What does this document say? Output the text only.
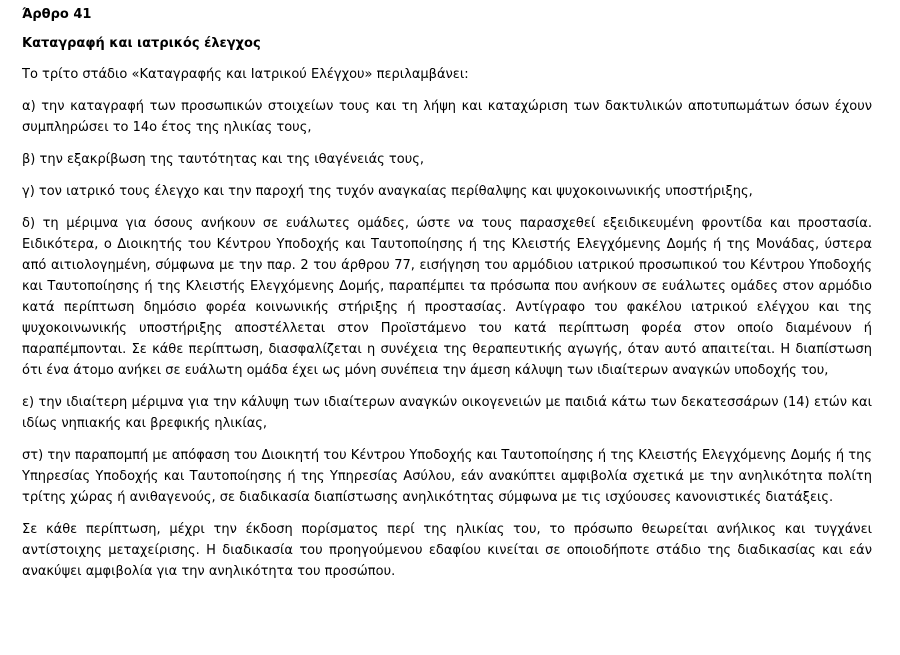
Άρθρο 41
Καταγραφή και ιατρικός έλεγχος

Το τρίτο στάδιο «Καταγραφής και Ιατρικού Ελέγχου» περιλαμβάνει:

α) την καταγραφή των προσωπικών στοιχείων τους και τη λήψη και καταχώριση των δακτυλικών αποτυπωμάτων όσων έχουν συμπληρώσει το 14ο έτος της ηλικίας τους,

β) την εξακρίβωση της ταυτότητας και της ιθαγένειάς τους,

γ) τον ιατρικό τους έλεγχο και την παροχή της τυχόν αναγκαίας περίθαλψης και ψυχοκοινωνικής υποστήριξης,

δ) τη μέριμνα για όσους ανήκουν σε ευάλωτες ομάδες, ώστε να τους παρασχεθεί εξειδικευμένη φροντίδα και προστασία. Ειδικότερα, ο Διοικητής του Κέντρου Υποδοχής και Ταυτοποίησης ή της Κλειστής Ελεγχόμενης Δομής ή της Μονάδας, ύστερα από αιτιολογημένη, σύμφωνα με την παρ. 2 του άρθρου 77, εισήγηση του αρμόδιου ιατρικού προσωπικού του Κέντρου Υποδοχής και Ταυτοποίησης ή της Κλειστής Ελεγχόμενης Δομής, παραπέμπει τα πρόσωπα που ανήκουν σε ευάλωτες ομάδες στον αρμόδιο κατά περίπτωση δημόσιο φορέα κοινωνικής στήριξης ή προστασίας. Αντίγραφο του φακέλου ιατρικού ελέγχου και της ψυχοκοινωνικής υποστήριξης αποστέλλεται στον Προϊστάμενο του κατά περίπτωση φορέα στον οποίο διαμένουν ή παραπέμπονται. Σε κάθε περίπτωση, διασφαλίζεται η συνέχεια της θεραπευτικής αγωγής, όταν αυτό απαιτείται. Η διαπίστωση ότι ένα άτομο ανήκει σε ευάλωτη ομάδα έχει ως μόνη συνέπεια την άμεση κάλυψη των ιδιαίτερων αναγκών υποδοχής του,

ε) την ιδιαίτερη μέριμνα για την κάλυψη των ιδιαίτερων αναγκών οικογενειών με παιδιά κάτω των δεκατεσσάρων (14) ετών και ιδίως νηπιακής και βρεφικής ηλικίας,

στ) την παραπομπή με απόφαση του Διοικητή του Κέντρου Υποδοχής και Ταυτοποίησης ή της Κλειστής Ελεγχόμενης Δομής ή της Υπηρεσίας Υποδοχής και Ταυτοποίησης ή της Υπηρεσίας Ασύλου, εάν ανακύπτει αμφιβολία σχετικά με την ανηλικότητα πολίτη τρίτης χώρας ή ανιθαγενούς, σε διαδικασία διαπίστωσης ανηλικότητας σύμφωνα με τις ισχύουσες κανονιστικές διατάξεις.

Σε κάθε περίπτωση, μέχρι την έκδοση πορίσματος περί της ηλικίας του, το πρόσωπο θεωρείται ανήλικος και τυγχάνει αντίστοιχης μεταχείρισης. Η διαδικασία του προηγούμενου εδαφίου κινείται σε οποιοδήποτε στάδιο της διαδικασίας και εάν ανακύψει αμφιβολία για την ανηλικότητα του προσώπου.
